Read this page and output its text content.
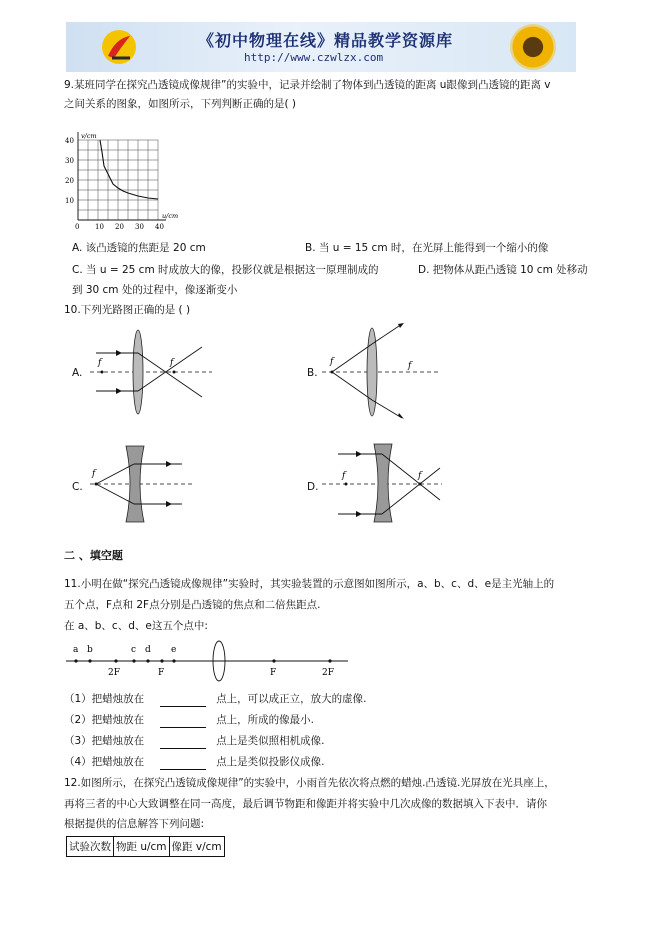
《初中物理在线》精品教学资源库
http://www.czwlzx.com
9.某班同学在探究凸透镜成像规律”的实验中，记录并绘制了物体到凸透镜的距离 u跟像到凸透镜的距离 v
之间关系的图象，如图所示，下列判断正确的是( )
0 10 20 30 40
10
20
30
40
v/cm
u/cm
A. 该凸透镜的焦距是 20 cm	B. 当 u = 15 cm 时，在光屏上能得到一个缩小的像
C. 当 u = 25 cm 时成放大的像，投影仪就是根据这一原理制成的	D. 把物体从距凸透镜 10 cm 处移动
到 30 cm 处的过程中，像逐渐变小
10.下列光路图正确的是 ( )
A.
f
f
B.
f	f
C.
f
D.
f	f
二 、填空题
11.小明在做“探究凸透镜成像规律”实验时，其实验装置的示意图如图所示，a、b、c、d、e是主光轴上的
五个点，F点和 2F点分别是凸透镜的焦点和二倍焦距点.
在 a、b、c、d、e这五个点中:
a b	c d e
2F	F	F	2F
（1）把蜡烛放在	点上，可以成正立，放大的虚像.
（2）把蜡烛放在	点上，所成的像最小.
（3）把蜡烛放在	点上是类似照相机成像.
（4）把蜡烛放在	点上是类似投影仪成像.
12.如图所示，在探究凸透镜成像规律”的实验中，小雨首先依次将点燃的蜡烛.凸透镜.光屏放在光具座上，
再将三者的中心大致调整在同一高度，最后调节物距和像距并将实验中几次成像的数据填入下表中．请你
根据提供的信息解答下列问题:
试验次数	物距 u/cm	像距 v/cm
